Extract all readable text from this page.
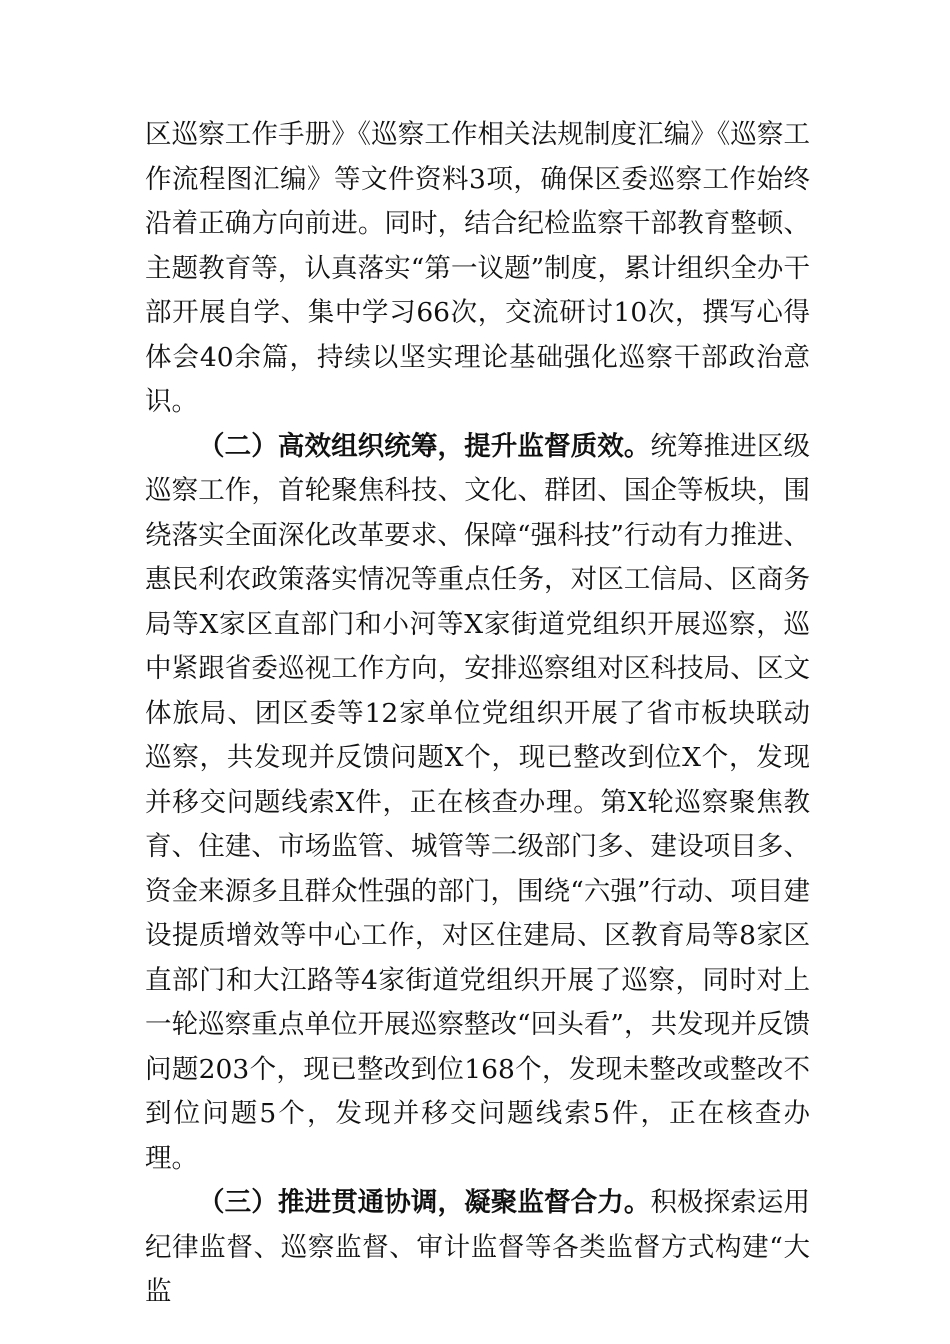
区巡察工作手册》《巡察工作相关法规制度汇编》《巡察工作流程图汇编》等文件资料3项，确保区委巡察工作始终沿着正确方向前进。同时，结合纪检监察干部教育整顿、主题教育等，认真落实“第一议题”制度，累计组织全办干部开展自学、集中学习66次，交流研讨10次，撰写心得体会40余篇，持续以坚实理论基础强化巡察干部政治意识。

（二）高效组织统筹，提升监督质效。统筹推进区级巡察工作，首轮聚焦科技、文化、群团、国企等板块，围绕落实全面深化改革要求、保障“强科技”行动有力推进、惠民利农政策落实情况等重点任务，对区工信局、区商务局等X家区直部门和小河等X家街道党组织开展巡察，巡中紧跟省委巡视工作方向，安排巡察组对区科技局、区文体旅局、团区委等12家单位党组织开展了省市板块联动巡察，共发现并反馈问题X个，现已整改到位X个，发现并移交问题线索X件，正在核查办理。第X轮巡察聚焦教育、住建、市场监管、城管等二级部门多、建设项目多、资金来源多且群众性强的部门，围绕“六强”行动、项目建设提质增效等中心工作，对区住建局、区教育局等8家区直部门和大江路等4家街道党组织开展了巡察，同时对上一轮巡察重点单位开展巡察整改“回头看”，共发现并反馈问题203个，现已整改到位168个，发现未整改或整改不到位问题5个，发现并移交问题线索5件，正在核查办理。

（三）推进贯通协调，凝聚监督合力。积极探索运用纪律监督、巡察监督、审计监督等各类监督方式构建“大监
